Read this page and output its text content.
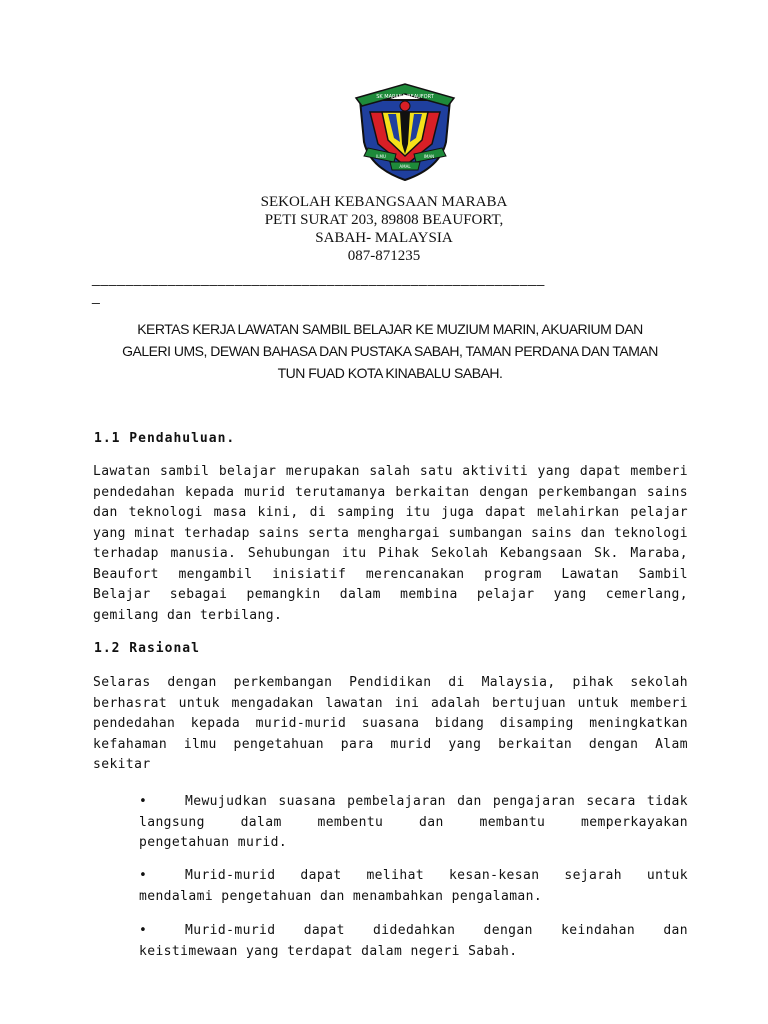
SK MARABA BEAUFORT
ILMU	IMAN
AMAL
SEKOLAH KEBANGSAAN MARABA
PETI SURAT 203, 89808 BEAUFORT,
SABAH- MALAYSIA
087-871235
______________________________________________________
_
KERTAS KERJA LAWATAN SAMBIL BELAJAR KE MUZIUM MARIN, AKUARIUM DAN
GALERI UMS, DEWAN BAHASA DAN PUSTAKA SABAH, TAMAN PERDANA DAN TAMAN
TUN FUAD KOTA KINABALU SABAH.
1.1 Pendahuluan.
Lawatan sambil belajar merupakan salah satu aktiviti yang dapat memberi
pendedahan kepada murid terutamanya berkaitan dengan perkembangan sains
dan teknologi masa kini, di samping itu juga dapat melahirkan pelajar
yang minat terhadap sains serta menghargai sumbangan sains dan teknologi
terhadap manusia. Sehubungan itu Pihak Sekolah Kebangsaan Sk. Maraba,
Beaufort mengambil inisiatif merencanakan program Lawatan Sambil
Belajar sebagai pemangkin dalam membina pelajar yang cemerlang,
gemilang dan terbilang.
1.2 Rasional
Selaras dengan perkembangan Pendidikan di Malaysia, pihak sekolah
berhasrat untuk mengadakan lawatan ini adalah bertujuan untuk memberi
pendedahan kepada murid-murid suasana bidang disamping meningkatkan
kefahaman ilmu pengetahuan para murid yang berkaitan dengan Alam
sekitar
•	Mewujudkan suasana pembelajaran dan pengajaran secara tidak
langsung dalam membentu dan membantu memperkayakan
pengetahuan murid.
•	Murid-murid dapat melihat kesan-kesan sejarah untuk
mendalami pengetahuan dan menambahkan pengalaman.
•	Murid-murid dapat didedahkan dengan keindahan dan
keistimewaan yang terdapat dalam negeri Sabah.
